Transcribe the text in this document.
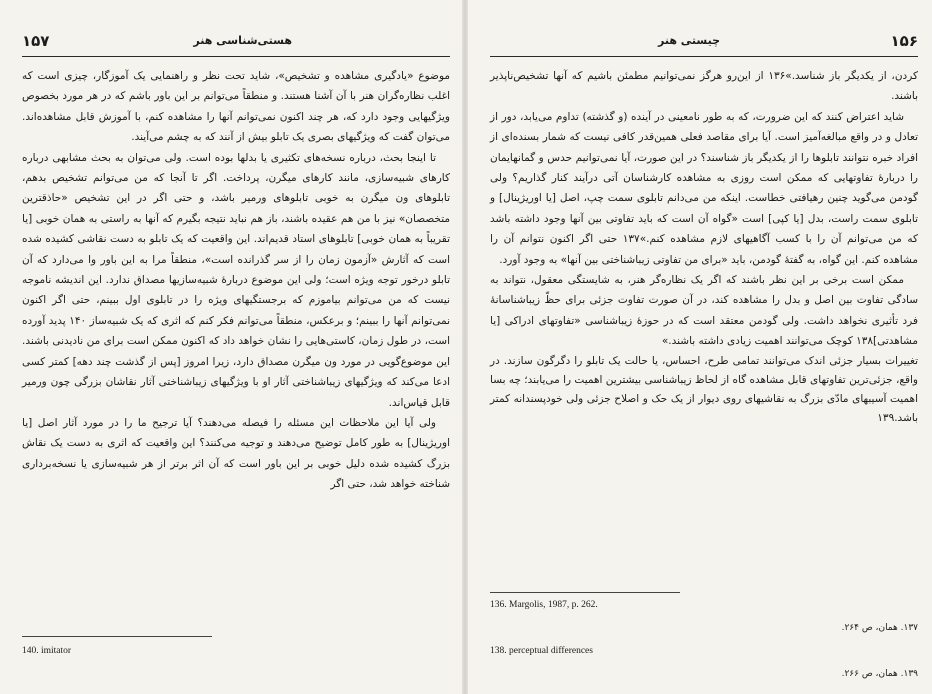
۱۵۷	هستی‌شناسی هنر

موضوع «یادگیری مشاهده و تشخیص»، شاید تحت نظر و راهنمایی یک آموزگار، چیزی است که اغلب نظاره‌گران هنر با آن آشنا هستند. و منطقاً می‌توانم بر این باور باشم که در هر مورد بخصوص ویژگیهایی وجود دارد که، هر چند اکنون نمی‌توانم آنها را مشاهده کنم، با آموزش قابل مشاهده‌اند. می‌توان گفت که ویژگیهای بصری یک تابلو بیش از آنند که به چشم می‌آیند.

تا اینجا بحث، درباره نسخه‌های تکثیری یا بدلها بوده است. ولی می‌توان به بحث مشابهی درباره کارهای شبیه‌سازی، مانند کارهای میگرن، پرداخت. اگر تا آنجا که من می‌توانم تشخیص بدهم، تابلوهای ون میگرن به خوبی تابلوهای ورمیر باشد، و حتی اگر در این تشخیص «حاذقترین متخصصان» نیز با من هم عقیده باشند، باز هم نباید نتیجه بگیرم که آنها به راستی به همان خوبی [یا تقریباً به همان خوبی] تابلوهای استاد قدیم‌اند. این واقعیت که یک تابلو به دست نقاشی کشیده شده است که آثارش «آزمون زمان را از سر گذرانده است»، منطقاً مرا به این باور وا می‌دارد که آن تابلو درخور توجه ویژه است؛ ولی این موضوع دربارهٔ شبیه‌سازیها مصداق ندارد. این اندیشه ناموجه نیست که من می‌توانم بیاموزم که برجستگیهای ویژه را در تابلوی اول ببینم، حتی اگر اکنون نمی‌توانم آنها را ببینم؛ و برعکس، منطقاً می‌توانم فکر کنم که اثری که یک شبیه‌ساز ۱۴۰ پدید آورده است، در طول زمان، کاستی‌هایی را نشان خواهد داد که اکنون ممکن است برای من نادیدنی باشند. این موضوع‌گویی در مورد ون میگرن مصداق دارد، زیرا امروز [پس از گذشت چند دهه] کمتر کسی ادعا می‌کند که ویژگیهای زیباشناختی آثار او با ویژگیهای زیباشناختی آثار نقاشان بزرگی چون ورمیر قابل قیاس‌اند.

ولی آیا این ملاحظات این مسئله را فیصله می‌دهند؟ آیا ترجیح ما را در مورد آثار اصل [یا اوریژینال] به طور کامل توضیح می‌دهند و توجیه می‌کنند؟ این واقعیت که اثری به دست یک نقاش بزرگ کشیده شده دلیل خوبی بر این باور است که آن اثر برتر از هر شبیه‌سازی یا نسخه‌برداری شناخته خواهد شد، حتی اگر

140. imitator
۱۵۶
چیستی هنر

کردن، از یکدیگر باز شناسد.»۱۳۶ از این‌رو هرگز نمی‌توانیم مطمئن باشیم که آنها تشخیص‌ناپذیر باشند.

شاید اعتراض کنند که این ضرورت، که به طور نامعینی در آینده (و گذشته) تداوم می‌یابد، دور از تعادل و در واقع مبالغه‌آمیز است. آیا برای مقاصد فعلی همین‌قدر کافی نیست که شمار بسنده‌ای از افراد خبره نتوانند تابلوها را از یکدیگر باز شناسند؟ در این صورت، آیا نمی‌توانیم حدس و گمانهایمان را دربارهٔ تفاوتهایی که ممکن است روزی به مشاهده کارشناسان آتی درآیند کنار گذاریم؟ ولی گودمن می‌گوید چنین رهیافتی خطاست. اینکه من می‌دانم تابلوی سمت چپ، اصل [یا اوریژینال] و تابلوی سمت راست، بدل [یا کپی] است «گواه آن است که باید تفاوتی بین آنها وجود داشته باشد که من می‌توانم آن را با کسب آگاهیهای لازم مشاهده کنم.»۱۳۷ حتی اگر اکنون نتوانم آن را مشاهده کنم. این گواه، به گفتهٔ گودمن، باید «برای من تفاوتی زیباشناختی بین آنها» به وجود آورد.

ممکن است برخی بر این نظر باشند که اگر یک نظاره‌گر هنر، به شایستگی معقول، نتواند به سادگی تفاوت بین اصل و بدل را مشاهده کند، در آن صورت تفاوت جزئی برای حظّ زیباشناسانهٔ فرد تأثیری نخواهد داشت. ولی گودمن معتقد است که در حوزهٔ زیباشناسی «تفاوتهای ادراکی [یا مشاهدتی]۱۳۸ کوچک می‌توانند اهمیت زیادی داشته باشند.»

تغییرات بسیار جزئی اندک می‌توانند تمامی طرح، احساس، یا حالت یک تابلو را دگرگون سازند. در واقع، جزئی‌ترین تفاوتهای قابل مشاهده گاه از لحاظ زیباشناسی بیشترین اهمیت را می‌یابند؛ چه بسا اهمیت آسیبهای مادّی بزرگ به نقاشیهای روی دیوار از یک حک و اصلاح جزئی ولی خودپسندانه کمتر باشد.۱۳۹

136. Margolis, 1987, p. 262.
۱۳۷. همان، ص ۲۶۴.
138. perceptual differences
۱۳۹. همان، ص ۲۶۶.
